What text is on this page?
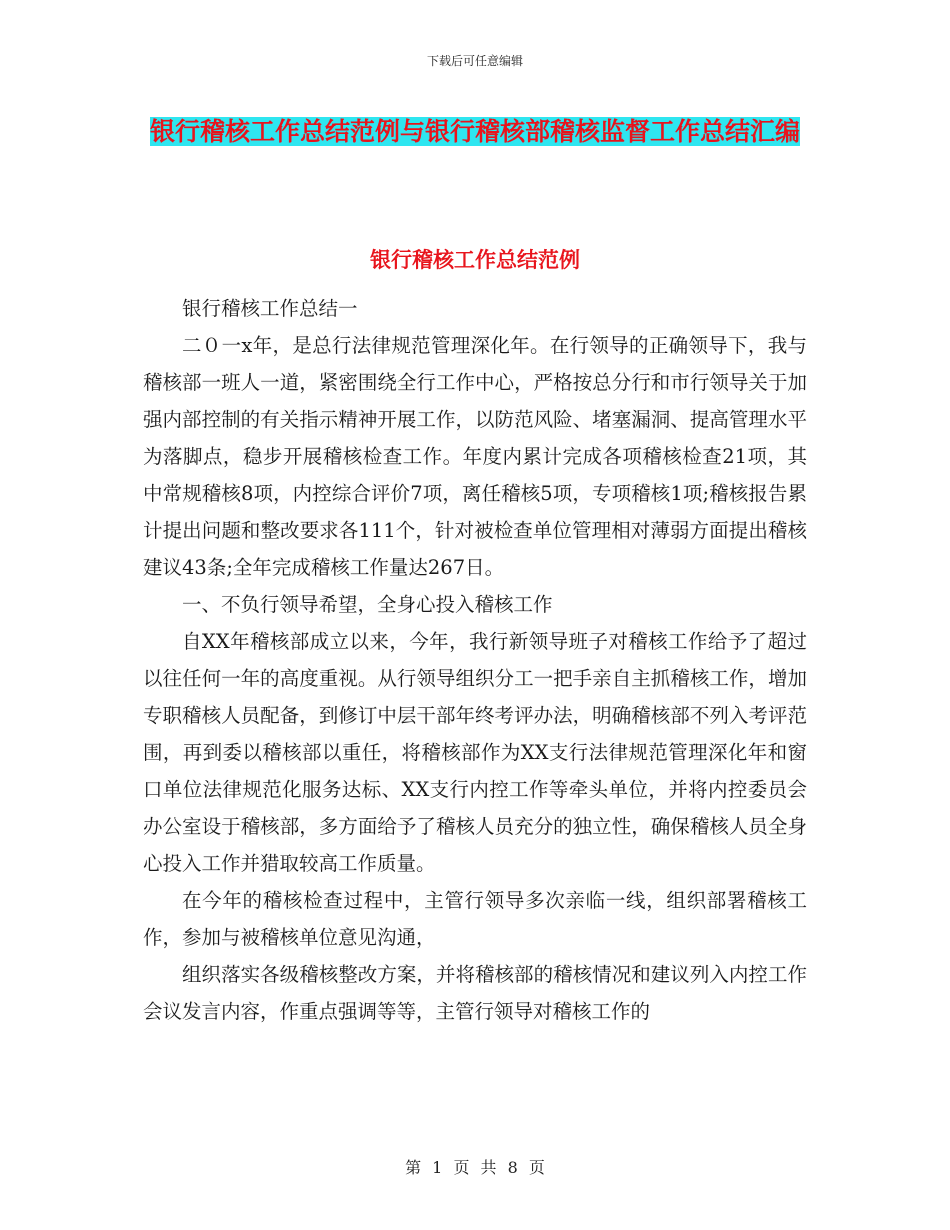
下载后可任意编辑
银行稽核工作总结范例与银行稽核部稽核监督工作总结汇编
银行稽核工作总结范例

银行稽核工作总结一

二０一x年，是总行法律规范管理深化年。在行领导的正确领导下，我与稽核部一班人一道，紧密围绕全行工作中心，严格按总分行和市行领导关于加强内部控制的有关指示精神开展工作，以防范风险、堵塞漏洞、提高管理水平为落脚点，稳步开展稽核检查工作。年度内累计完成各项稽核检查21项，其中常规稽核8项，内控综合评价7项，离任稽核5项，专项稽核1项;稽核报告累计提出问题和整改要求各111个，针对被检查单位管理相对薄弱方面提出稽核建议43条;全年完成稽核工作量达267日。

一、不负行领导希望，全身心投入稽核工作

自XX年稽核部成立以来，今年，我行新领导班子对稽核工作给予了超过以往任何一年的高度重视。从行领导组织分工一把手亲自主抓稽核工作，增加专职稽核人员配备，到修订中层干部年终考评办法，明确稽核部不列入考评范围，再到委以稽核部以重任，将稽核部作为XX支行法律规范管理深化年和窗口单位法律规范化服务达标、XX支行内控工作等牵头单位，并将内控委员会办公室设于稽核部，多方面给予了稽核人员充分的独立性，确保稽核人员全身心投入工作并猎取较高工作质量。

在今年的稽核检查过程中，主管行领导多次亲临一线，组织部署稽核工作，参加与被稽核单位意见沟通，

组织落实各级稽核整改方案，并将稽核部的稽核情况和建议列入内控工作会议发言内容，作重点强调等等，主管行领导对稽核工作的

第 1 页 共 8 页
